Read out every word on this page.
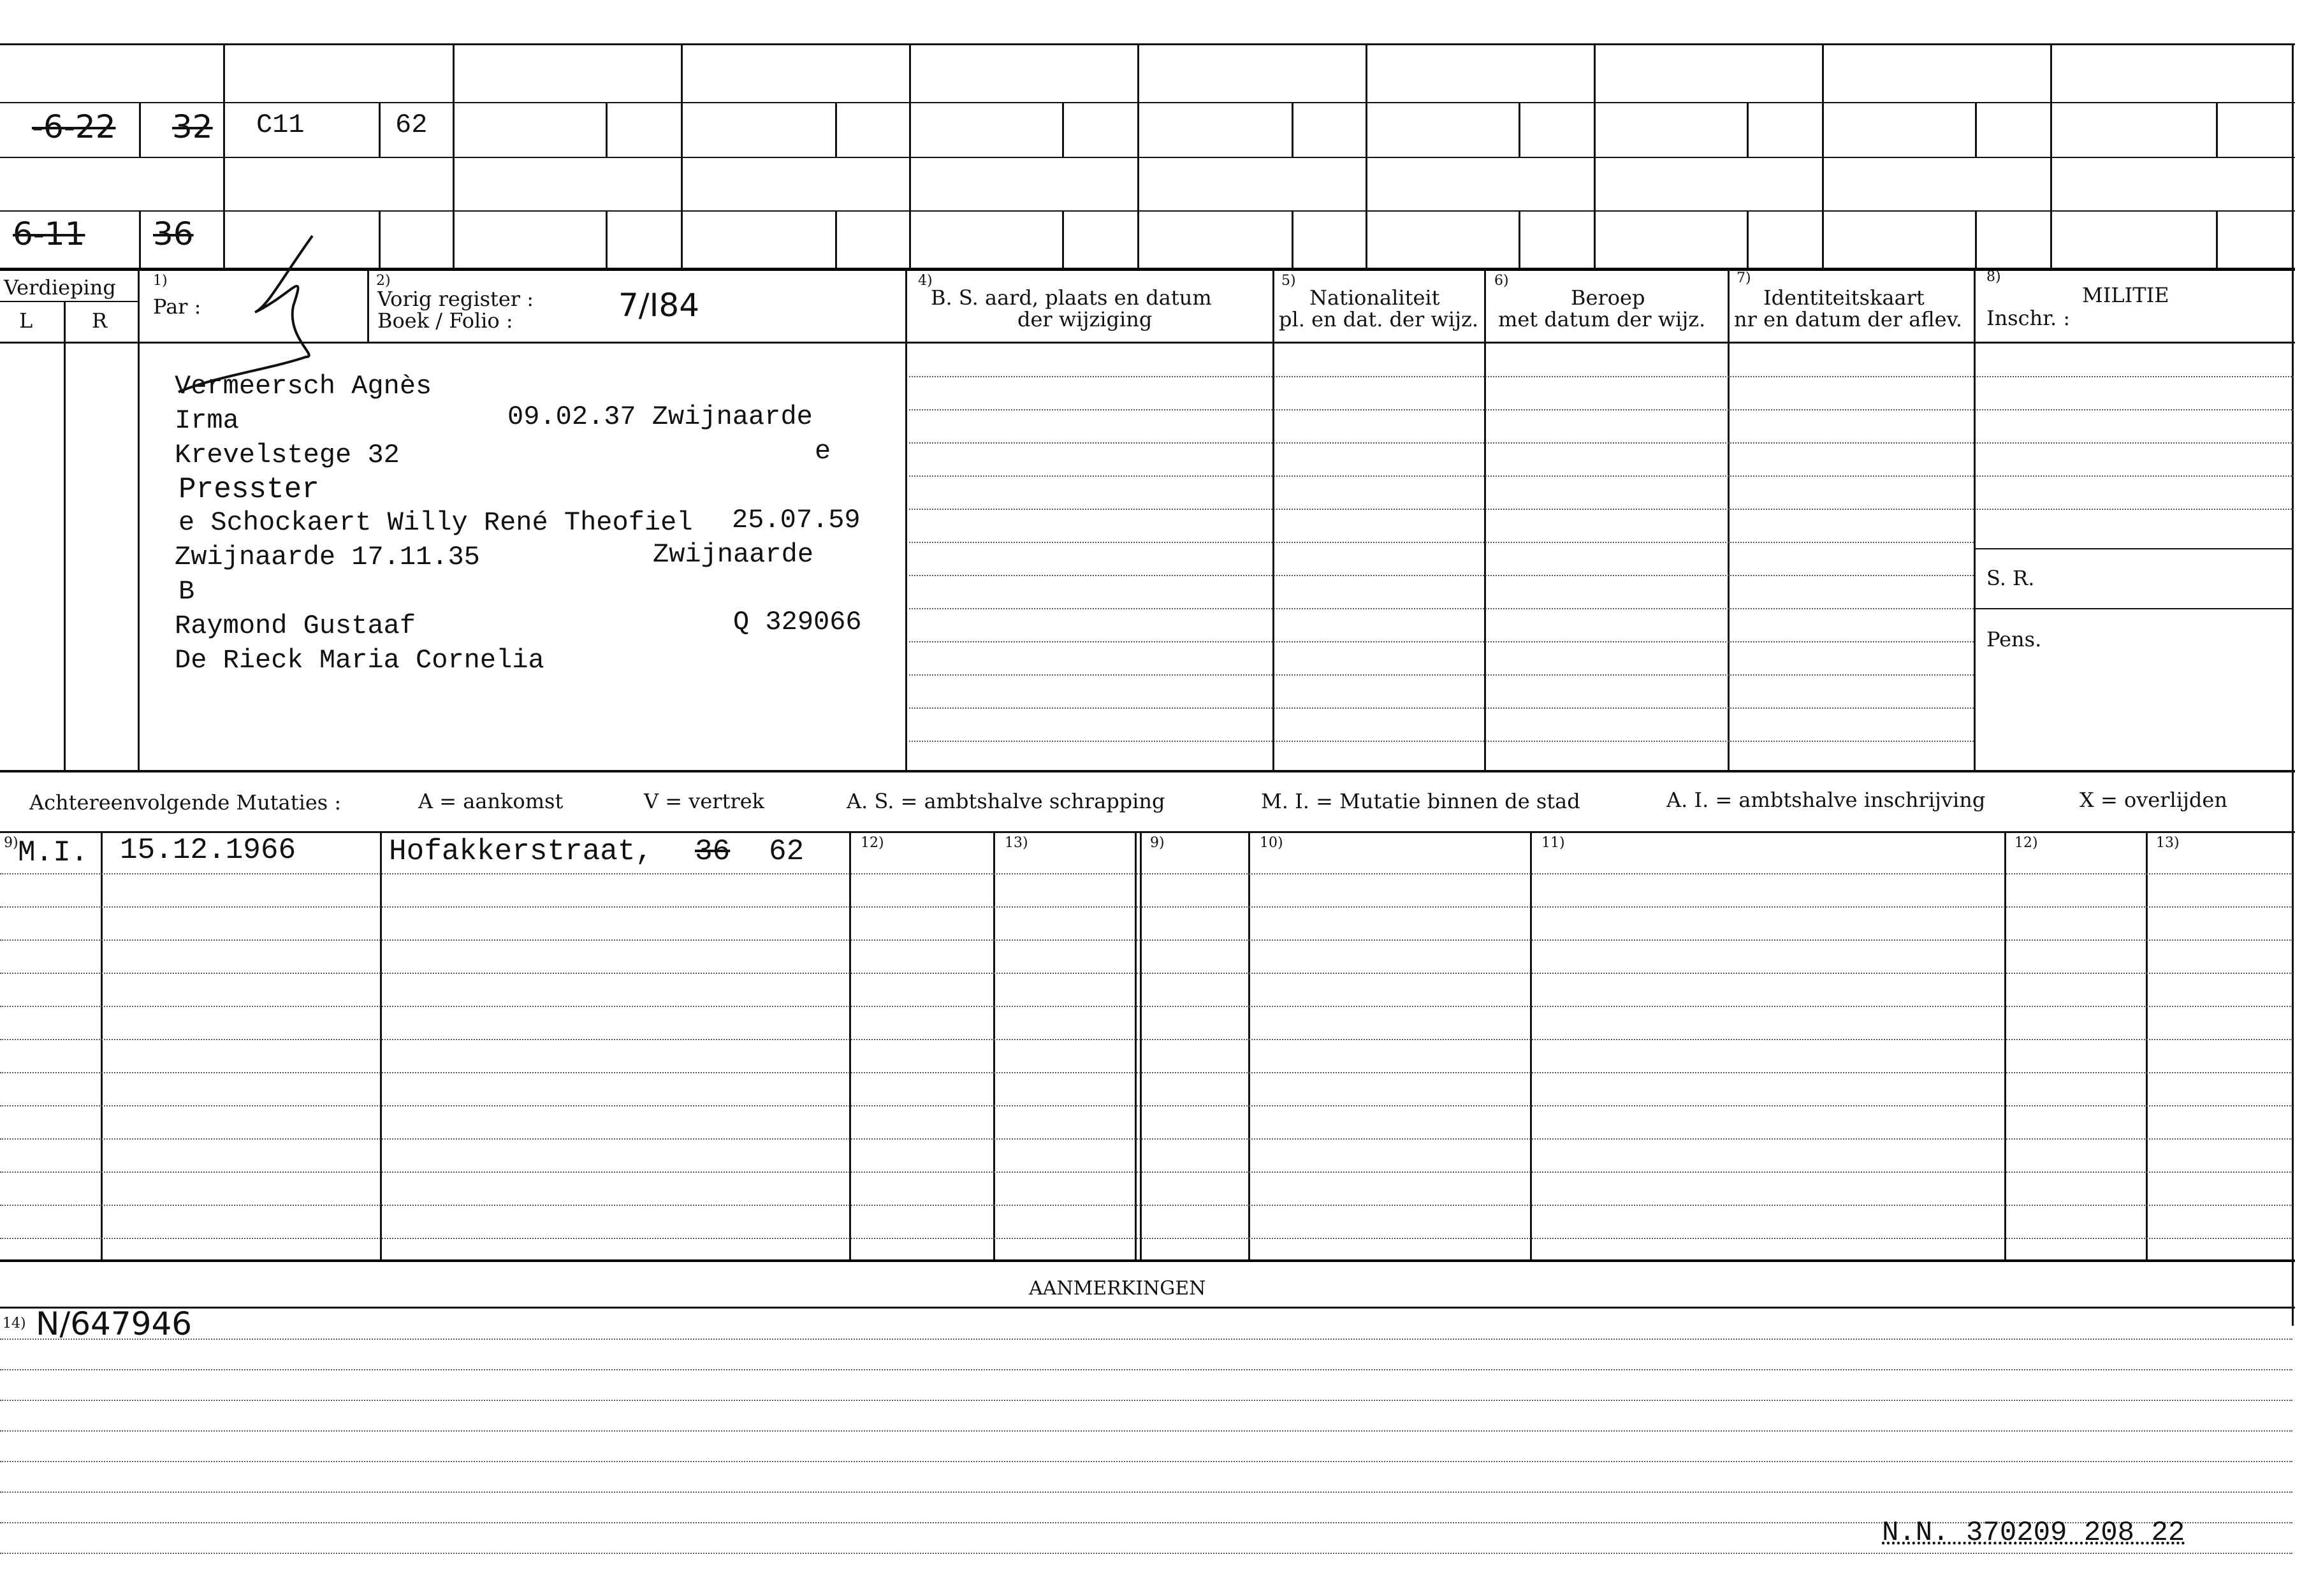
-6-22 32 C11	62
6-11 36
Verdieping
L	R
1)
Par :
2)
Vorig register :
Boek / Folio :	7/I84
4)
B. S. aard, plaats en datum
der wijziging
5)
Nationaliteit
pl. en dat. der wijz.
6)
Beroep
met datum der wijz.
7)
Identiteitskaart
nr en datum der aflev.
8)
MILITIE
Inschr. :
Vermeersch Agnès
Irma	09.02.37 Zwijnaarde
Krevelstege 32	e
Presster
e Schockaert Willy René Theofiel 25.07.59
Zwijnaarde 17.11.35	Zwijnaarde
B
Raymond Gustaaf	Q 329066
De Rieck Maria Cornelia
S. R.
Pens.
Achtereenvolgende Mutaties :	A = aankomst	V = vertrek	A. S. = ambtshalve schrapping	M. I. = Mutatie binnen de stad	A. I. = ambtshalve inschrijving	X = overlijden
9)	12)	13)	9)	10)	11)	12)	13)
M.I. 15.12.1966	Hofakkerstraat, 36 62
AANMERKINGEN
14) N/647946
N.N. 370209 208 22
